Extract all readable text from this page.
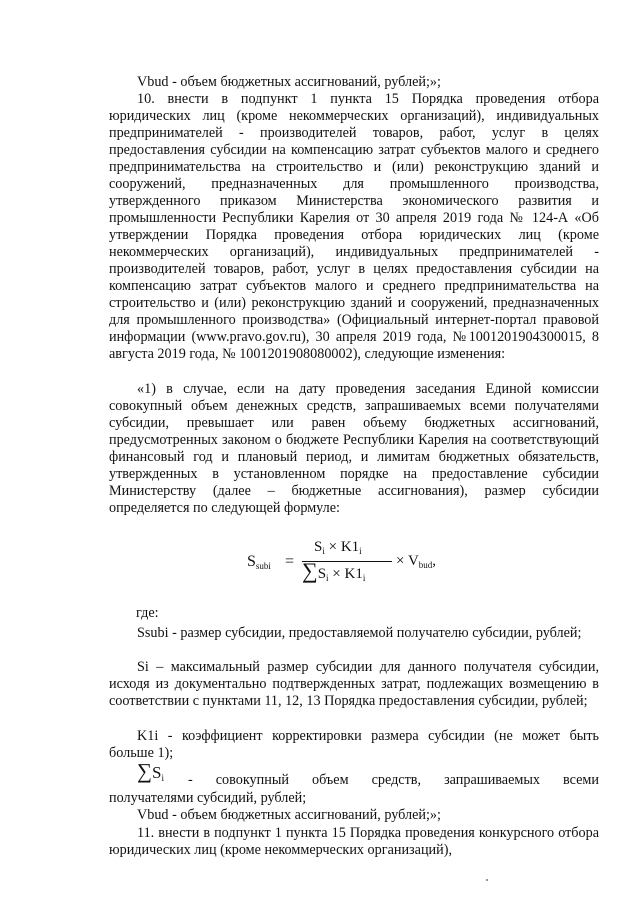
Vbud - объем бюджетных ассигнований, рублей;»;

10. внести в подпункт 1 пункта 15 Порядка проведения отбора юридических лиц (кроме некоммерческих организаций), индивидуальных предпринимателей - производителей товаров, работ, услуг в целях предоставления субсидии на компенсацию затрат субъектов малого и среднего предпринимательства на строительство и (или) реконструкцию зданий и сооружений, предназначенных для промышленного производства, утвержденного приказом Министерства экономического развития и промышленности Республики Карелия от 30 апреля 2019 года № 124-А «Об утверждении Порядка проведения отбора юридических лиц (кроме некоммерческих организаций), индивидуальных предпринимателей - производителей товаров, работ, услуг в целях предоставления субсидии на компенсацию затрат субъектов малого и среднего предпринимательства на строительство и (или) реконструкцию зданий и сооружений, предназначенных для промышленного производства» (Официальный интернет-портал правовой информации (www.pravo.gov.ru), 30 апреля 2019 года, №1001201904300015, 8 августа 2019 года, № 1001201908080002), следующие изменения:

«1) в случае, если на дату проведения заседания Единой комиссии совокупный объем денежных средств, запрашиваемых всеми получателями субсидии, превышает или равен объему бюджетных ассигнований, предусмотренных законом о бюджете Республики Карелия на соответствующий финансовый год и плановый период, и лимитам бюджетных обязательств, утвержденных в установленном порядке на предоставление субсидии Министерству (далее – бюджетные ассигнования), размер субсидии определяется по следующей формуле:

$S_{subi}$ =
$S_i \times K1_i$
$\sum S_i \times K1_i$
× $V_{bud}$,

где:

Ssubi - размер субсидии, предоставляемой получателю субсидии, рублей;

Si – максимальный размер субсидии для данного получателя субсидии, исходя из документально подтвержденных затрат, подлежащих возмещению в соответствии с пунктами 11, 12, 13 Порядка предоставления субсидии, рублей;

K1i - коэффициент корректировки размера субсидии (не может быть больше 1);

∑ $S_i$ - совокупный объем средств, запрашиваемых всеми

получателями субсидий, рублей;

Vbud - объем бюджетных ассигнований, рублей;»;

11. внести в подпункт 1 пункта 15 Порядка проведения конкурсного отбора юридических лиц (кроме некоммерческих организаций),
